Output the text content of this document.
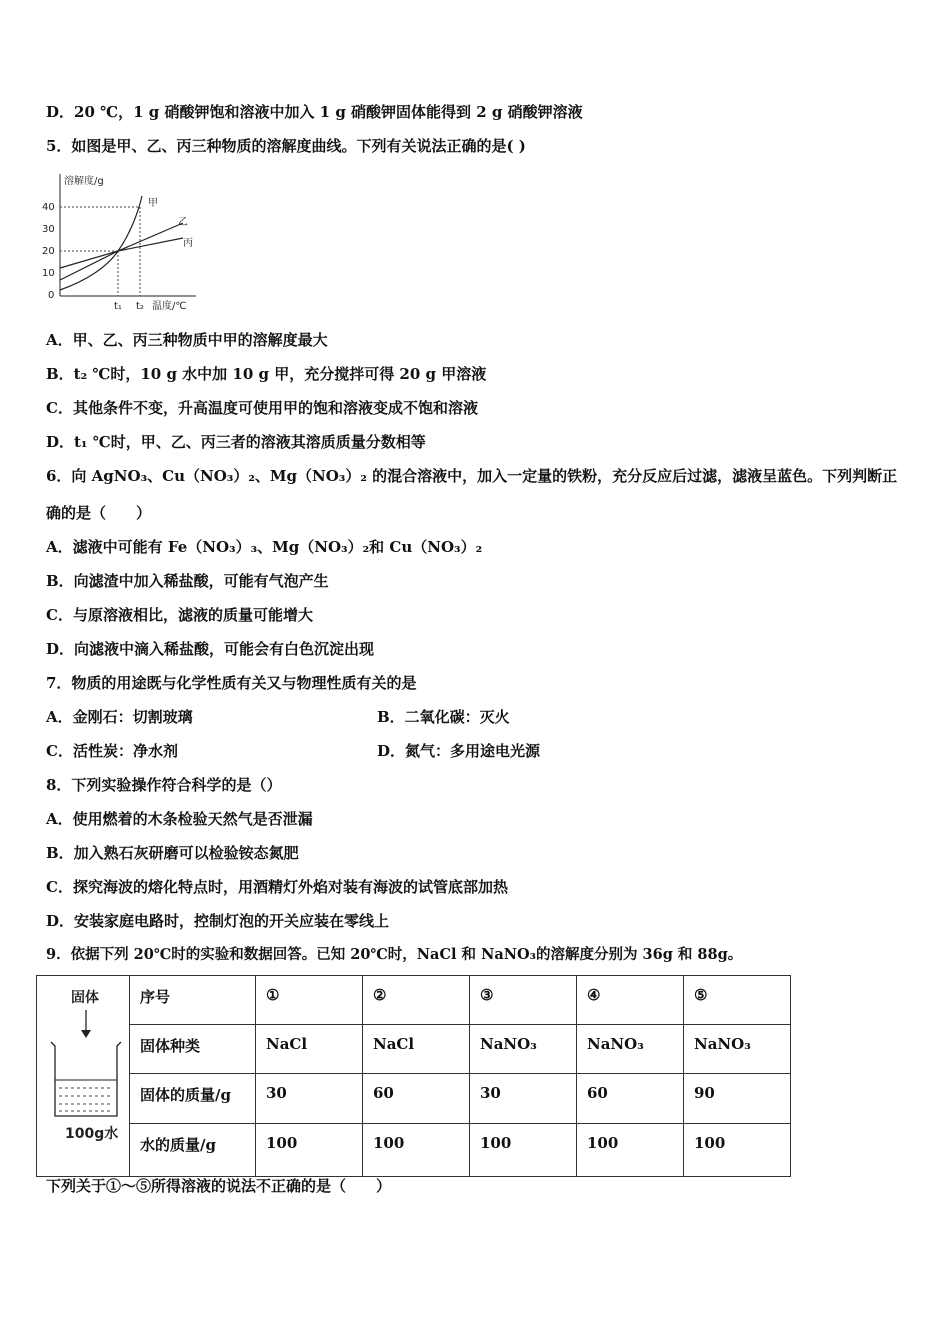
D．20 ℃，1 g 硝酸钾饱和溶液中加入 1 g 硝酸钾固体能得到 2 g 硝酸钾溶液
5．如图是甲、乙、丙三种物质的溶解度曲线。下列有关说法正确的是( )
溶解度/g
40
30
20
10
0
甲
乙
丙
t₁ t₂ 温度/℃
A．甲、乙、丙三种物质中甲的溶解度最大
B．t₂ ℃时，10 g 水中加 10 g 甲，充分搅拌可得 20 g 甲溶液
C．其他条件不变，升高温度可使用甲的饱和溶液变成不饱和溶液
D．t₁ ℃时，甲、乙、丙三者的溶液其溶质质量分数相等
6．向 AgNO₃、Cu（NO₃）₂、Mg（NO₃）₂ 的混合溶液中，加入一定量的铁粉，充分反应后过滤，滤液呈蓝色。下列判断正
确的是（　　）
A．滤液中可能有 Fe（NO₃）₃、Mg（NO₃）₂和 Cu（NO₃）₂
B．向滤渣中加入稀盐酸，可能有气泡产生
C．与原溶液相比，滤液的质量可能增大
D．向滤液中滴入稀盐酸，可能会有白色沉淀出现
7．物质的用途既与化学性质有关又与物理性质有关的是
A．金刚石：切割玻璃	B．二氧化碳：灭火
C．活性炭：净水剂	D．氮气：多用途电光源
8．下列实验操作符合科学的是（）
A．使用燃着的木条检验天然气是否泄漏
B．加入熟石灰研磨可以检验铵态氮肥
C．探究海波的熔化特点时，用酒精灯外焰对装有海波的试管底部加热
D．安装家庭电路时，控制灯泡的开关应装在零线上
9．依据下列 20℃时的实验和数据回答。已知 20℃时，NaCl 和 NaNO₃的溶解度分别为 36g 和 88g。
固体
100g水	序号	①	②	③	④	⑤

	固体种类	NaCl	NaCl	NaNO₃	NaNO₃	NaNO₃

	固体的质量/g	30	60	30	60	90

	水的质量/g	100	100	100	100	100
下列关于①～⑤所得溶液的说法不正确的是（　　）
